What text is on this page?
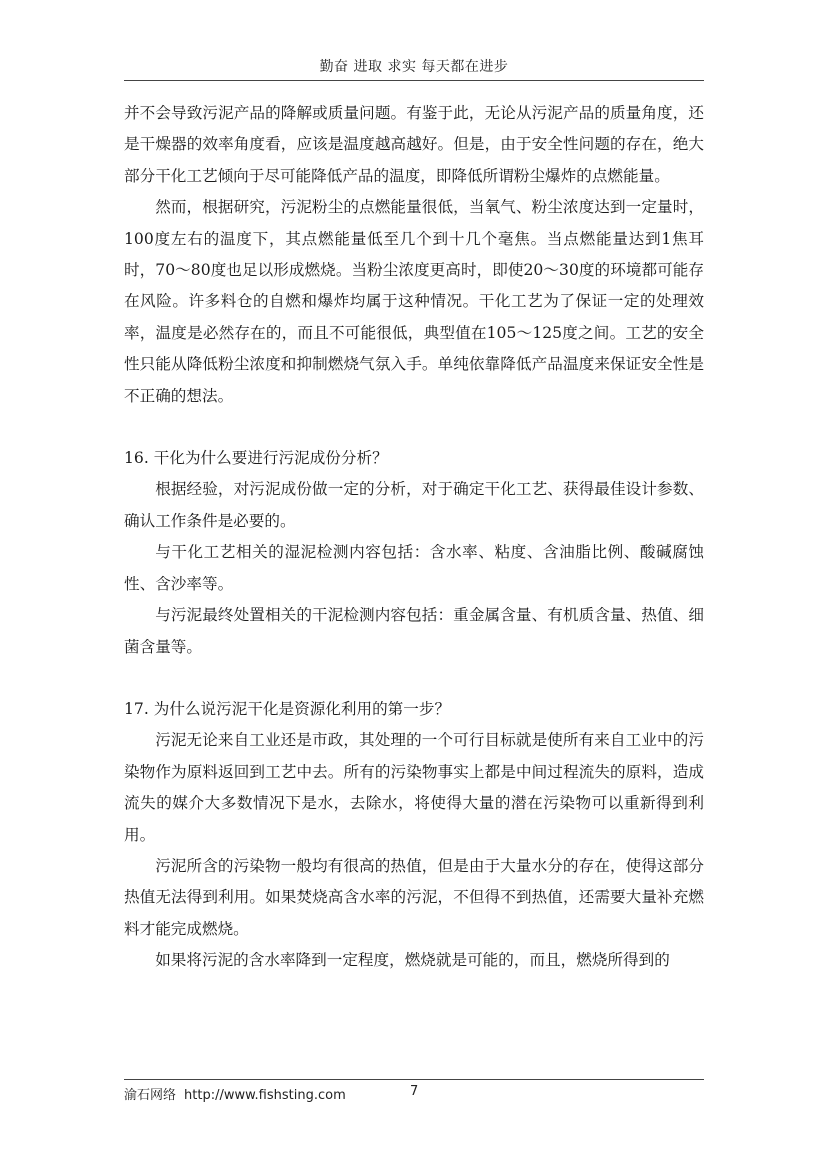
勤奋 进取 求实 每天都在进步

并不会导致污泥产品的降解或质量问题。有鉴于此，无论从污泥产品的质量角度，还是干燥器的效率角度看，应该是温度越高越好。但是，由于安全性问题的存在，绝大部分干化工艺倾向于尽可能降低产品的温度，即降低所谓粉尘爆炸的点燃能量。

然而，根据研究，污泥粉尘的点燃能量很低，当氧气、粉尘浓度达到一定量时，100度左右的温度下，其点燃能量低至几个到十几个毫焦。当点燃能量达到1焦耳时，70～80度也足以形成燃烧。当粉尘浓度更高时，即使20～30度的环境都可能存在风险。许多料仓的自燃和爆炸均属于这种情况。干化工艺为了保证一定的处理效率，温度是必然存在的，而且不可能很低，典型值在105～125度之间。工艺的安全性只能从降低粉尘浓度和抑制燃烧气氛入手。单纯依靠降低产品温度来保证安全性是不正确的想法。

16. 干化为什么要进行污泥成份分析？

根据经验，对污泥成份做一定的分析，对于确定干化工艺、获得最佳设计参数、确认工作条件是必要的。

与干化工艺相关的湿泥检测内容包括：含水率、粘度、含油脂比例、酸碱腐蚀性、含沙率等。

与污泥最终处置相关的干泥检测内容包括：重金属含量、有机质含量、热值、细菌含量等。

17. 为什么说污泥干化是资源化利用的第一步？

污泥无论来自工业还是市政，其处理的一个可行目标就是使所有来自工业中的污染物作为原料返回到工艺中去。所有的污染物事实上都是中间过程流失的原料，造成流失的媒介大多数情况下是水，去除水，将使得大量的潜在污染物可以重新得到利用。

污泥所含的污染物一般均有很高的热值，但是由于大量水分的存在，使得这部分热值无法得到利用。如果焚烧高含水率的污泥，不但得不到热值，还需要大量补充燃料才能完成燃烧。

如果将污泥的含水率降到一定程度，燃烧就是可能的，而且，燃烧所得到的

渝石网络 http://www.fishsting.com	7
